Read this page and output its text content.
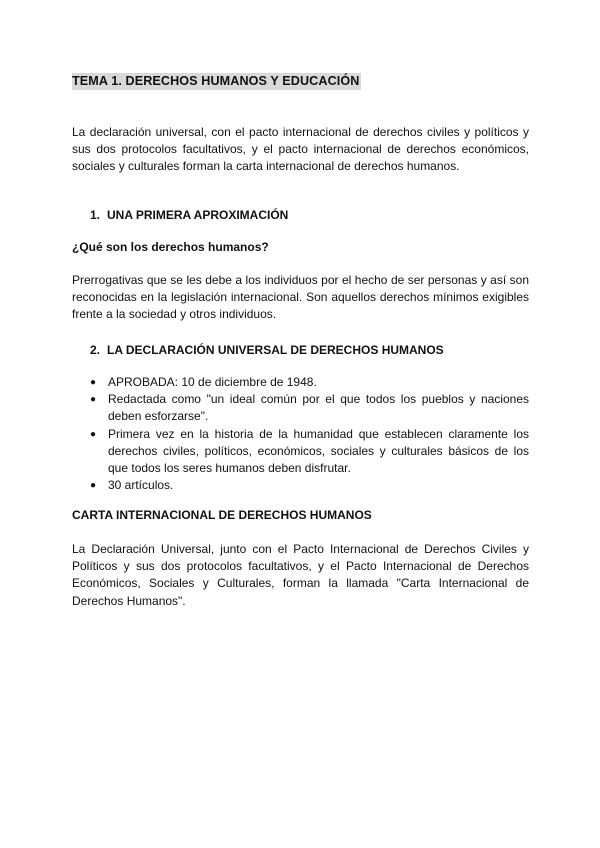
TEMA 1. DERECHOS HUMANOS Y EDUCACIÓN

La declaración universal, con el pacto internacional de derechos civiles y políticos y sus dos protocolos facultativos, y el pacto internacional de derechos económicos, sociales y culturales forman la carta internacional de derechos humanos.

1. UNA PRIMERA APROXIMACIÓN
¿Qué son los derechos humanos?

Prerrogativas que se les debe a los individuos por el hecho de ser personas y así son reconocidas en la legislación internacional. Son aquellos derechos mínimos exigibles frente a la sociedad y otros individuos.

2. LA DECLARACIÓN UNIVERSAL DE DERECHOS HUMANOS
● APROBADA: 10 de diciembre de 1948.
● Redactada como "un ideal común por el que todos los pueblos y naciones deben esforzarse".
● Primera vez en la historia de la humanidad que establecen claramente los derechos civiles, políticos, económicos, sociales y culturales básicos de los que todos los seres humanos deben disfrutar.
● 30 artículos.
CARTA INTERNACIONAL DE DERECHOS HUMANOS

La Declaración Universal, junto con el Pacto Internacional de Derechos Civiles y Políticos y sus dos protocolos facultativos, y el Pacto Internacional de Derechos Económicos, Sociales y Culturales, forman la llamada "Carta Internacional de Derechos Humanos".
